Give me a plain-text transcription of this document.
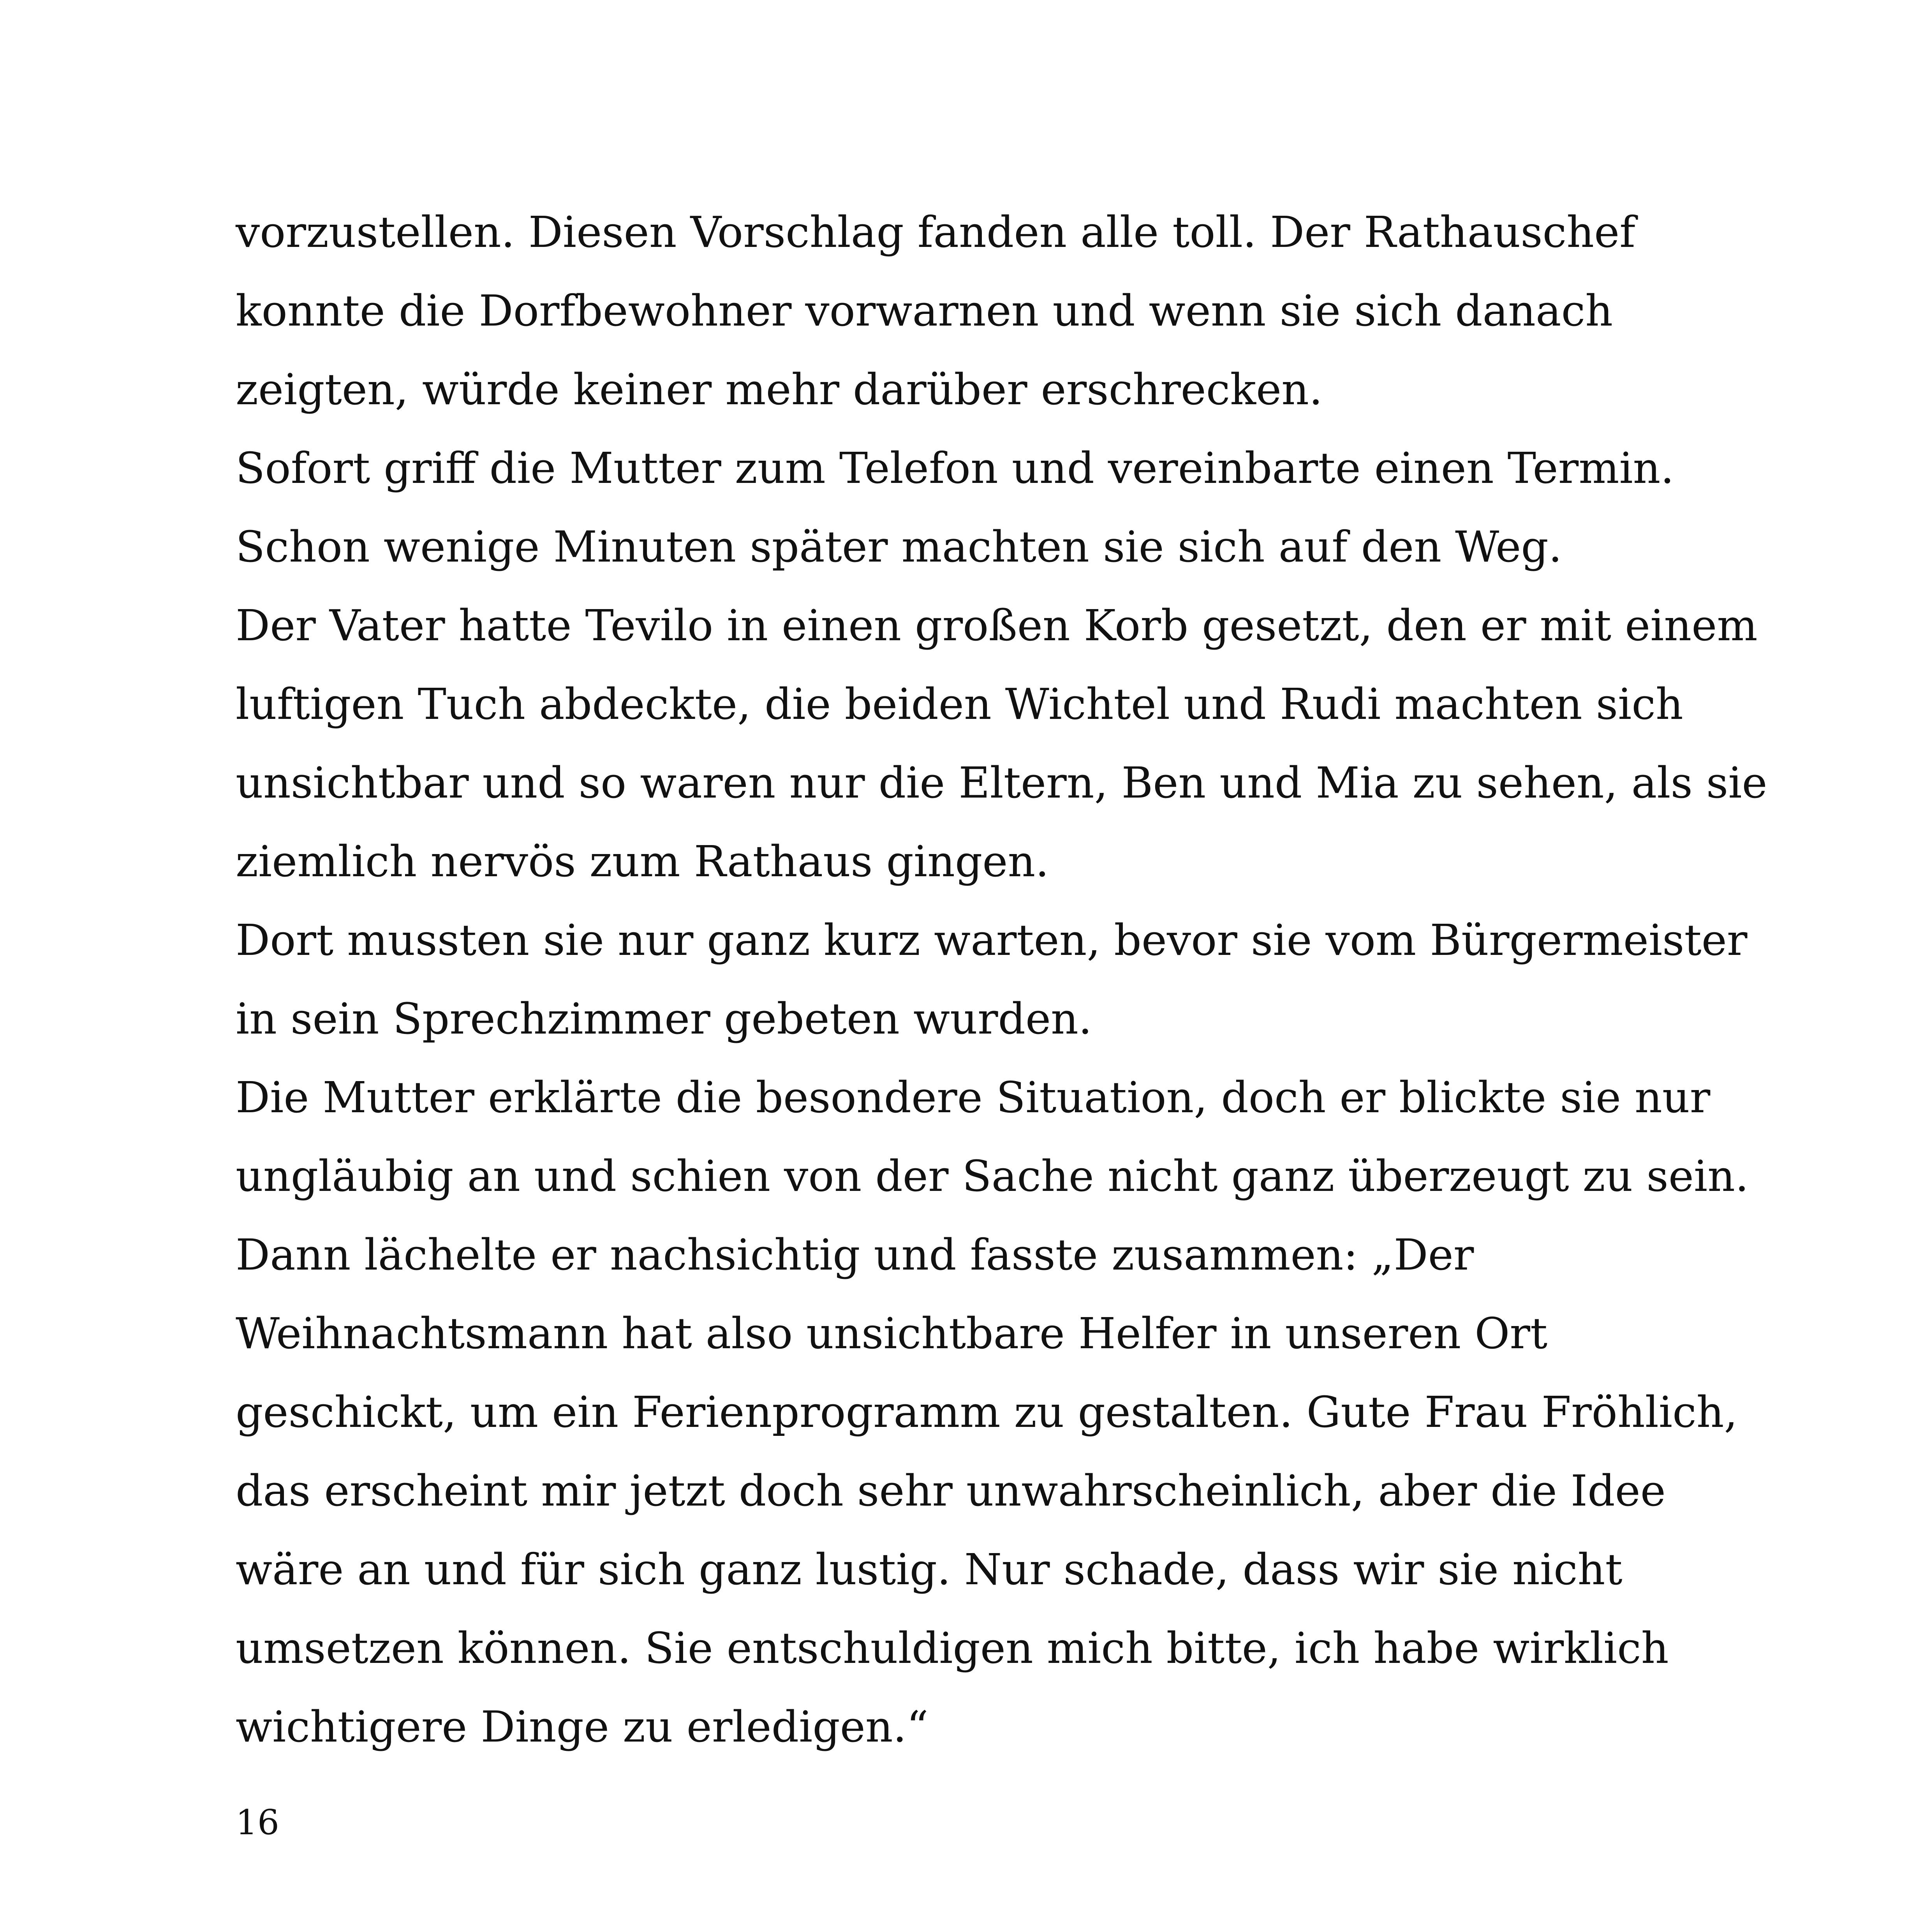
vorzustellen. Diesen Vorschlag fanden alle toll. Der Rathauschef
konnte die Dorfbewohner vorwarnen und wenn sie sich danach
zeigten, würde keiner mehr darüber erschrecken.
Sofort griff die Mutter zum Telefon und vereinbarte einen Termin.
Schon wenige Minuten später machten sie sich auf den Weg.
Der Vater hatte Tevilo in einen großen Korb gesetzt, den er mit einem
luftigen Tuch abdeckte, die beiden Wichtel und Rudi machten sich
unsichtbar und so waren nur die Eltern, Ben und Mia zu sehen, als sie
ziemlich nervös zum Rathaus gingen.
Dort mussten sie nur ganz kurz warten, bevor sie vom Bürgermeister
in sein Sprechzimmer gebeten wurden.
Die Mutter erklärte die besondere Situation, doch er blickte sie nur
ungläubig an und schien von der Sache nicht ganz überzeugt zu sein.
Dann lächelte er nachsichtig und fasste zusammen: „Der
Weihnachtsmann hat also unsichtbare Helfer in unseren Ort
geschickt, um ein Ferienprogramm zu gestalten. Gute Frau Fröhlich,
das erscheint mir jetzt doch sehr unwahrscheinlich, aber die Idee
wäre an und für sich ganz lustig. Nur schade, dass wir sie nicht
umsetzen können. Sie entschuldigen mich bitte, ich habe wirklich
wichtigere Dinge zu erledigen.“
16
